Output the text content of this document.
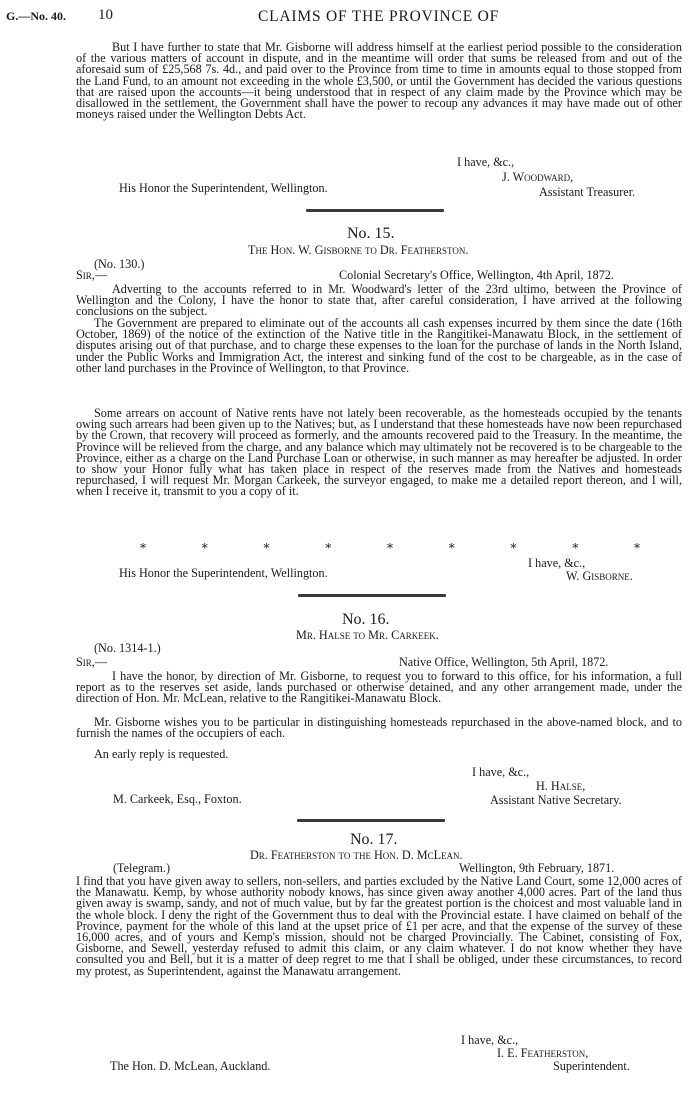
G.—No. 40. 10	CLAIMS OF THE PROVINCE OF

But I have further to state that Mr. Gisborne will address himself at the earliest period possible to the consideration of the various matters of account in dispute, and in the meantime will order that sums be released from and out of the aforesaid sum of £25,568 7s. 4d., and paid over to the Province from time to time in amounts equal to those stopped from the Land Fund, to an amount not exceeding in the whole £3,500, or until the Government has decided the various questions that are raised upon the accounts—it being understood that in respect of any claim made by the Province which may be disallowed in the settlement, the Government shall have the power to recoup any advances it may have made out of other moneys raised under the Wellington Debts Act.

I have, &c.,
J. Woodward,
His Honor the Superintendent, Wellington.	Assistant Treasurer.
No. 15.
The Hon. W. Gisborne to Dr. Featherston.
(No. 130.)
Sir,—	Colonial Secretary's Office, Wellington, 4th April, 1872.

Adverting to the accounts referred to in Mr. Woodward's letter of the 23rd ultimo, between the Province of Wellington and the Colony, I have the honor to state that, after careful consideration, I have arrived at the following conclusions on the subject.

The Government are prepared to eliminate out of the accounts all cash expenses incurred by them since the date (16th October, 1869) of the notice of the extinction of the Native title in the Rangitikei-Manawatu Block, in the settlement of disputes arising out of that purchase, and to charge these expenses to the loan for the purchase of lands in the North Island, under the Public Works and Immigration Act, the interest and sinking fund of the cost to be chargeable, as in the case of other land purchases in the Province of Wellington, to that Province.

Some arrears on account of Native rents have not lately been recoverable, as the homesteads occupied by the tenants owing such arrears had been given up to the Natives; but, as I understand that these homesteads have now been repurchased by the Crown, that recovery will proceed as formerly, and the amounts recovered paid to the Treasury. In the meantime, the Province will be relieved from the charge, and any balance which may ultimately not be recovered is to be chargeable to the Province, either as a charge on the Land Purchase Loan or otherwise, in such manner as may hereafter be adjusted. In order to show your Honor fully what has taken place in respect of the reserves made from the Natives and homesteads repurchased, I will request Mr. Morgan Carkeek, the surveyor engaged, to make me a detailed report thereon, and I will, when I receive it, transmit to you a copy of it.

*	*	*	*	*	*	*	*	*
I have, &c.,
His Honor the Superintendent, Wellington.	W. Gisborne.
No. 16.
Mr. Halse to Mr. Carkeek.
(No. 1314-1.)
Sir,—	Native Office, Wellington, 5th April, 1872.

I have the honor, by direction of Mr. Gisborne, to request you to forward to this office, for his information, a full report as to the reserves set aside, lands purchased or otherwise detained, and any other arrangement made, under the direction of Hon. Mr. McLean, relative to the Rangitikei-Manawatu Block.

Mr. Gisborne wishes you to be particular in distinguishing homesteads repurchased in the above-named block, and to furnish the names of the occupiers of each.

An early reply is requested.

I have, &c.,
H. Halse,
M. Carkeek, Esq., Foxton.	Assistant Native Secretary.
No. 17.
Dr. Featherston to the Hon. D. McLean.
(Telegram.)	Wellington, 9th February, 1871.

I find that you have given away to sellers, non-sellers, and parties excluded by the Native Land Court, some 12,000 acres of the Manawatu. Kemp, by whose authority nobody knows, has since given away another 4,000 acres. Part of the land thus given away is swamp, sandy, and not of much value, but by far the greatest portion is the choicest and most valuable land in the whole block. I deny the right of the Government thus to deal with the Provincial estate. I have claimed on behalf of the Province, payment for the whole of this land at the upset price of £1 per acre, and that the expense of the survey of these 16,000 acres, and of yours and Kemp's mission, should not be charged Provincially. The Cabinet, consisting of Fox, Gisborne, and Sewell, yesterday refused to admit this claim, or any claim whatever. I do not know whether they have consulted you and Bell, but it is a matter of deep regret to me that I shall be obliged, under these circumstances, to record my protest, as Superintendent, against the Manawatu arrangement.

I have, &c.,
I. E. Featherston,
The Hon. D. McLean, Auckland.	Superintendent.
